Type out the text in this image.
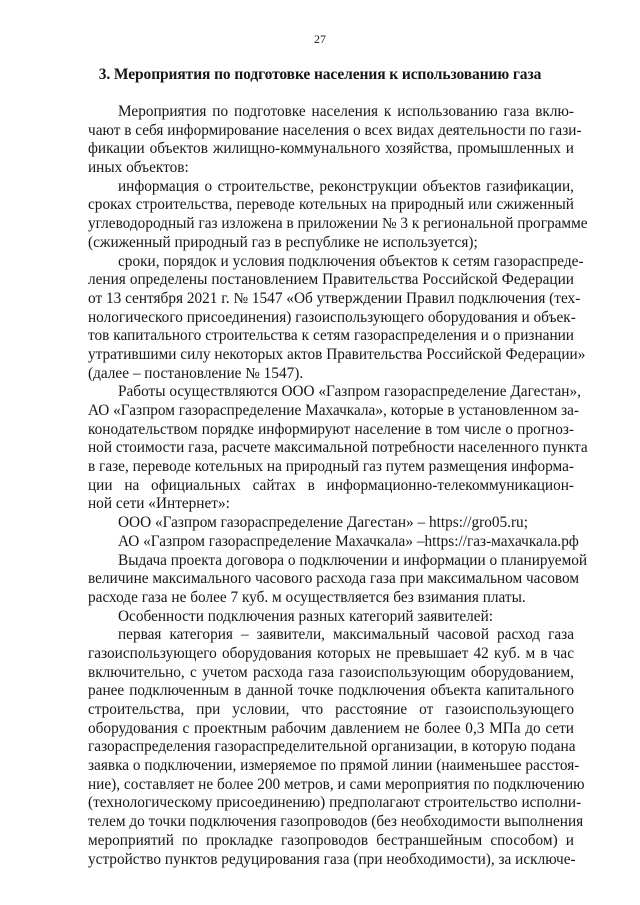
27
3. Мероприятия по подготовке населения к использованию газа
Мероприятия по подготовке населения к использованию газа вклю-
чают в себя информирование населения о всех видах деятельности по гази-
фикации объектов жилищно-коммунального хозяйства, промышленных и
иных объектов:
информация о строительстве, реконструкции объектов газификации,
сроках строительства, переводе котельных на природный или сжиженный
углеводородный газ изложена в приложении № 3 к региональной программе
(сжиженный природный газ в республике не используется);
сроки, порядок и условия подключения объектов к сетям газораспреде-
ления определены постановлением Правительства Российской Федерации
от 13 сентября 2021 г. № 1547 «Об утверждении Правил подключения (тех-
нологического присоединения) газоиспользующего оборудования и объек-
тов капитального строительства к сетям газораспределения и о признании
утратившими силу некоторых актов Правительства Российской Федерации»
(далее – постановление № 1547).
Работы осуществляются ООО «Газпром газораспределение Дагестан»,
АО «Газпром газораспределение Махачкала», которые в установленном за-
конодательством порядке информируют население в том числе о прогноз-
ной стоимости газа, расчете максимальной потребности населенного пункта
в газе, переводе котельных на природный газ путем размещения информа-
ции на официальных сайтах в информационно-телекоммуникацион-
ной сети «Интернет»:
ООО «Газпром газораспределение Дагестан» – https://gro05.ru;
АО «Газпром газораспределение Махачкала» –https://газ-махачкала.рф
Выдача проекта договора о подключении и информации о планируемой
величине максимального часового расхода газа при максимальном часовом
расходе газа не более 7 куб. м осуществляется без взимания платы.
Особенности подключения разных категорий заявителей:
первая категория – заявители, максимальный часовой расход газа
газоиспользующего оборудования которых не превышает 42 куб. м в час
включительно, с учетом расхода газа газоиспользующим оборудованием,
ранее подключенным в данной точке подключения объекта капитального
строительства, при условии, что расстояние от газоиспользующего
оборудования с проектным рабочим давлением не более 0,3 МПа до сети
газораспределения газораспределительной организации, в которую подана
заявка о подключении, измеряемое по прямой линии (наименьшее расстоя-
ние), составляет не более 200 метров, и сами мероприятия по подключению
(технологическому присоединению) предполагают строительство исполни-
телем до точки подключения газопроводов (без необходимости выполнения
мероприятий по прокладке газопроводов бестраншейным способом) и
устройство пунктов редуцирования газа (при необходимости), за исключе-
